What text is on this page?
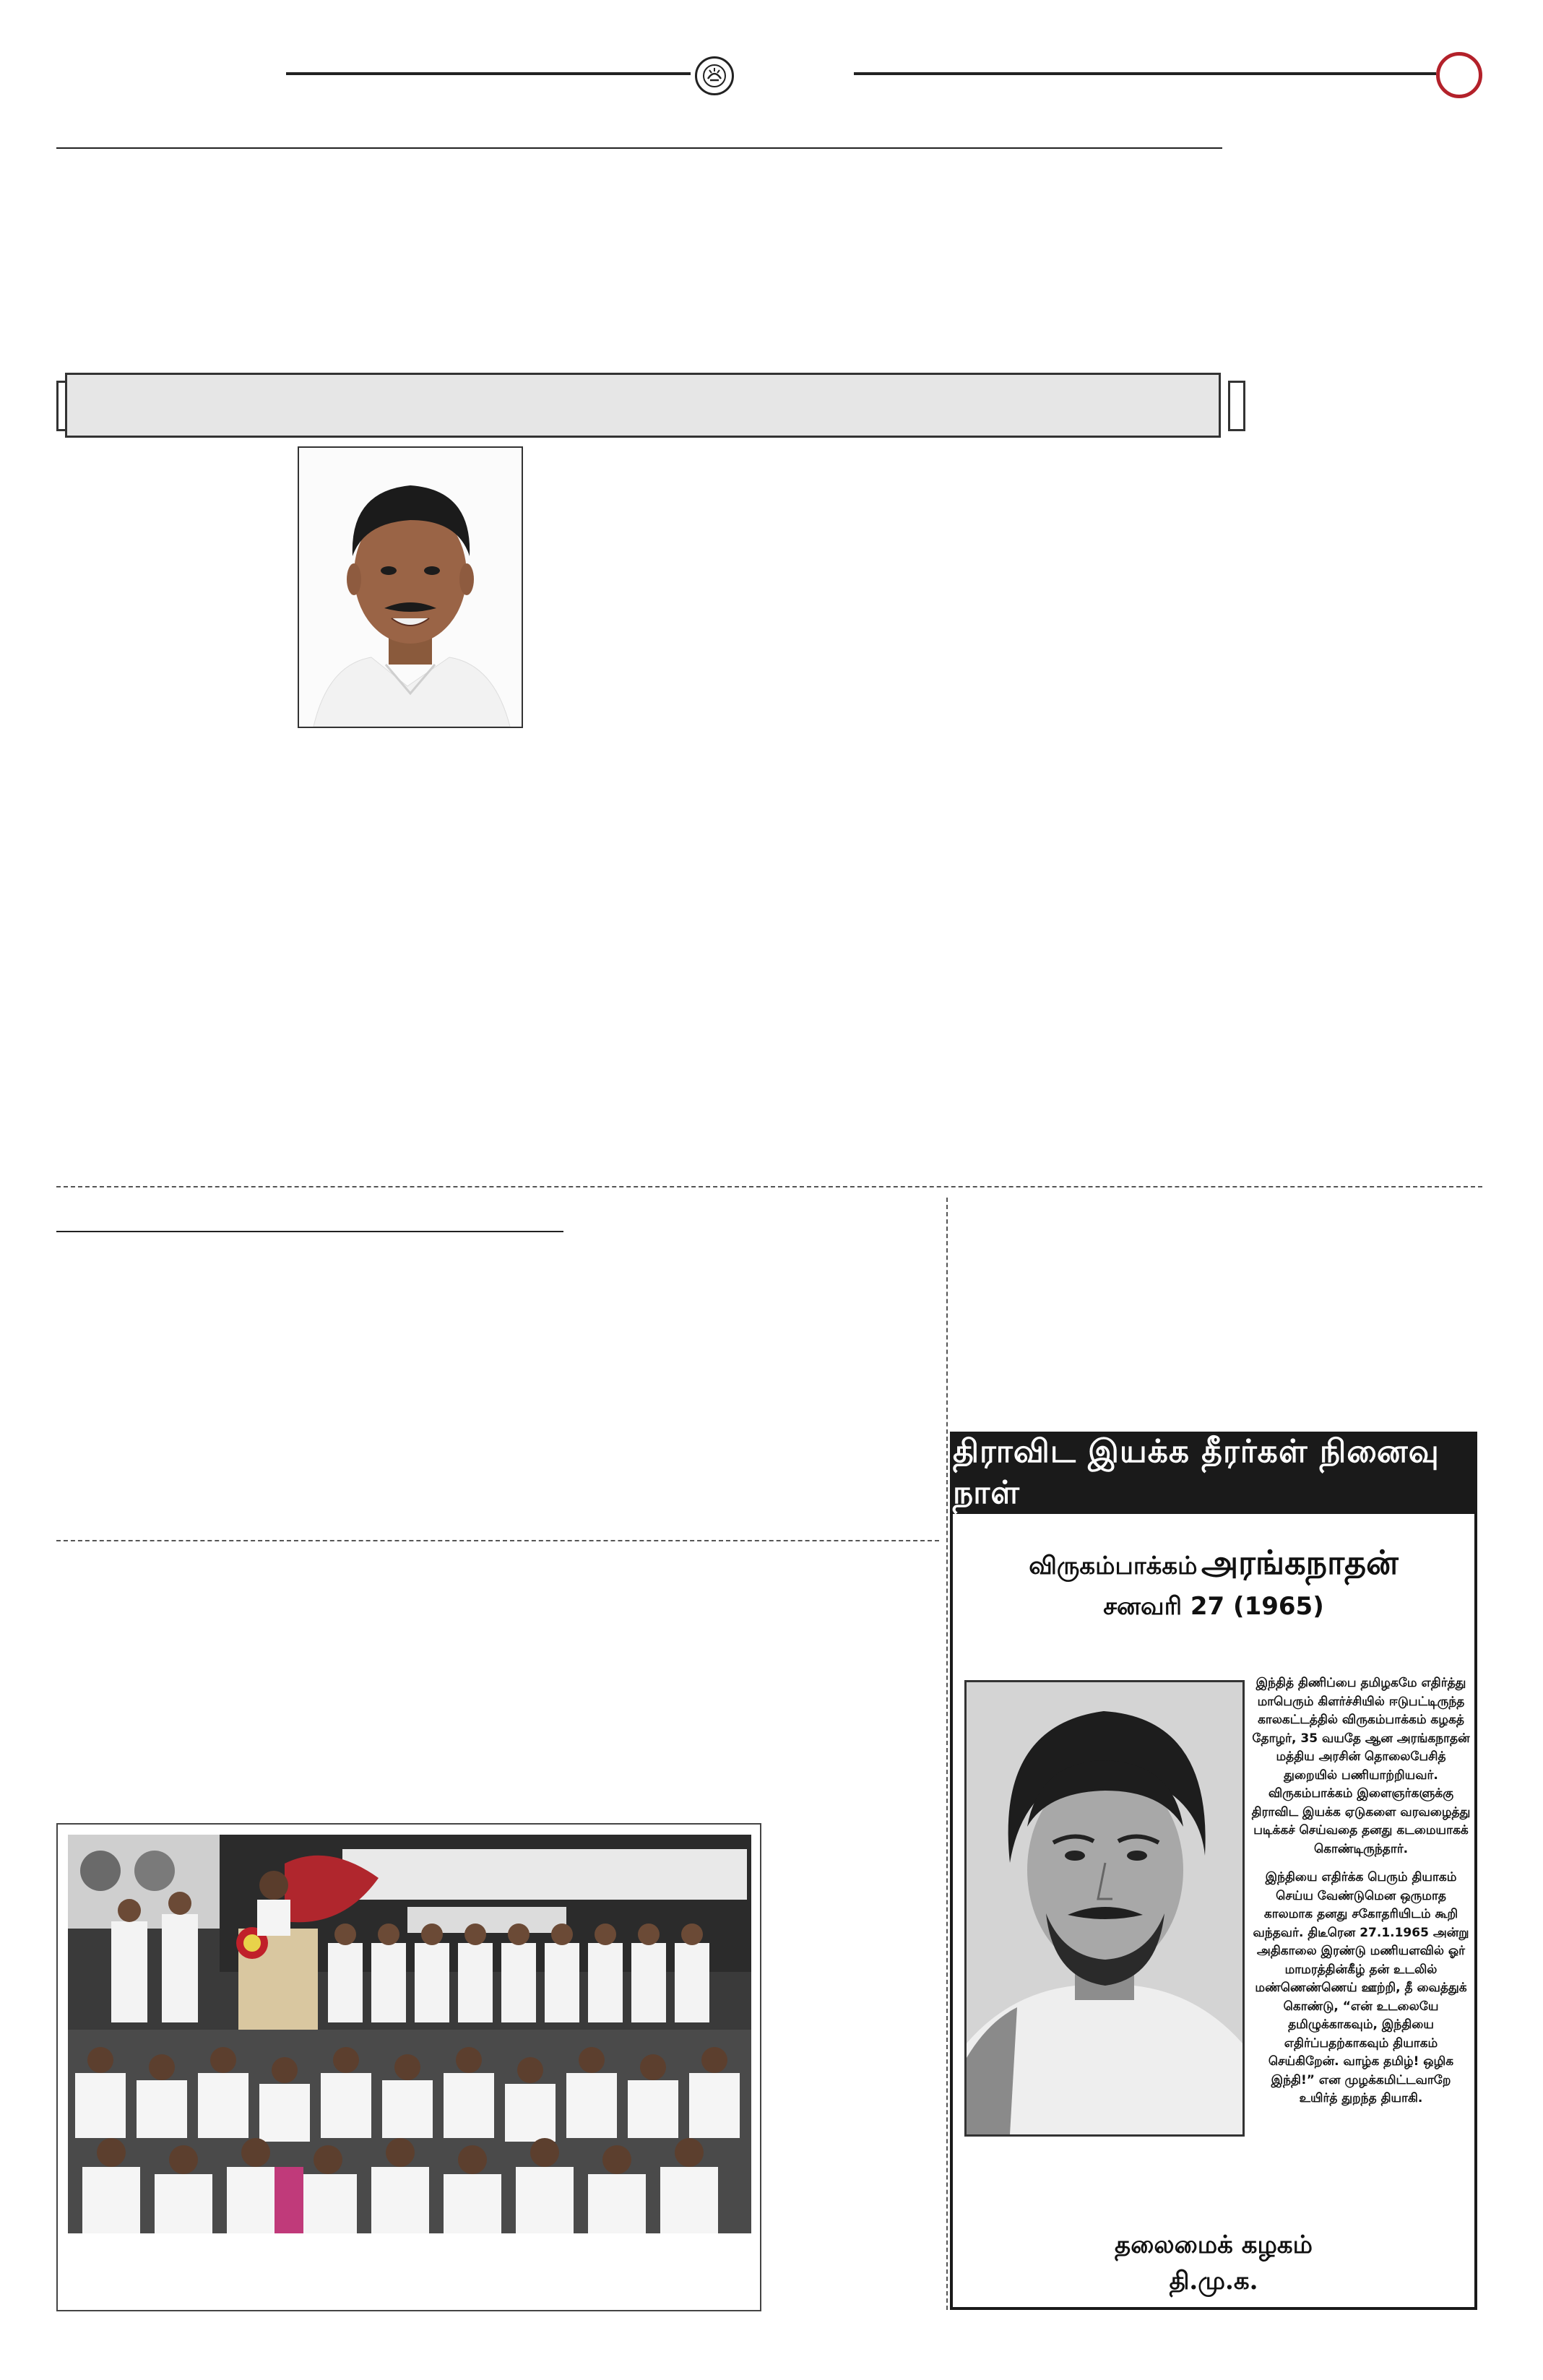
திராவிட இயக்க தீரர்கள் நினைவு நாள்
விருகம்பாக்கம் அரங்கநாதன்
சனவரி 27 (1965)

இந்தித் திணிப்பை தமிழகமே எதிர்த்து மாபெரும் கிளர்ச்சியில் ஈடுபட்டிருந்த காலகட்டத்தில் விருகம்பாக்கம் கழகத் தோழர், 35 வயதே ஆன அரங்கநாதன் மத்திய அரசின் தொலைபேசித் துறையில் பணியாற்றியவர். விருகம்பாக்கம் இளைஞர்களுக்கு திராவிட இயக்க ஏடுகளை வரவழைத்து படிக்கச் செய்வதை தனது கடமையாகக் கொண்டிருந்தார்.

இந்தியை எதிர்க்க பெரும் தியாகம் செய்ய வேண்டுமென ஒருமாத காலமாக தனது சகோதரியிடம் கூறி வந்தவர். திடீரென 27.1.1965 அன்று அதிகாலை இரண்டு மணியளவில் ஓர் மாமரத்தின்கீழ் தன் உடலில் மண்ணெண்ணெய் ஊற்றி, தீ வைத்துக் கொண்டு, “என் உடலையே தமிழுக்காகவும், இந்தியை எதிர்ப்பதற்காகவும் தியாகம் செய்கிறேன். வாழ்க தமிழ்! ஒழிக இந்தி!” என முழக்கமிட்டவாறே உயிர்த் துறந்த தியாகி.

தலைமைக் கழகம்
தி.மு.க.
